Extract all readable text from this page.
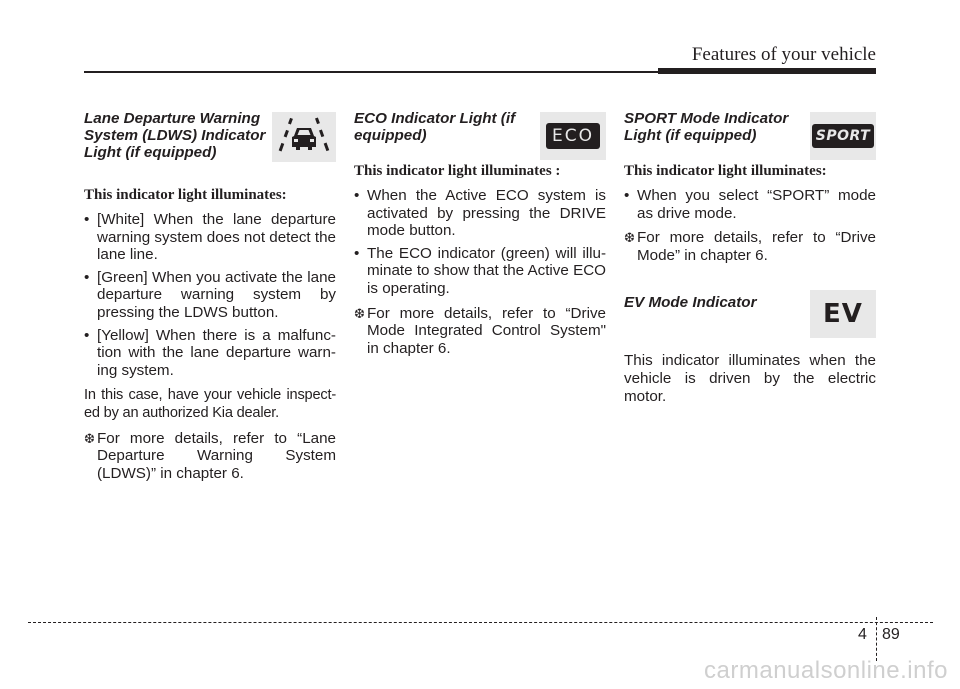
Features of your vehicle
Lane Departure Warning System (LDWS) Indicator Light (if equipped)
This indicator light illuminates:
• [White] When the lane departure warning system does not detect the lane line.
• [Green] When you activate the lane departure warning system by pressing the LDWS button.
• [Yellow] When there is a malfunc-tion with the lane departure warn-ing system.
In this case, have your vehicle inspect-ed by an authorized Kia dealer.
❆ For more details, refer to “Lane Departure Warning System (LDWS)” in chapter 6.
ECO Indicator Light (if equipped)	ECO
This indicator light illuminates :
• When the Active ECO system is activated by pressing the DRIVE mode button.
• The ECO indicator (green) will illu-minate to show that the Active ECO is operating.
❆ For more details, refer to “Drive Mode Integrated Control System" in chapter 6.
SPORT Mode Indicator Light (if equipped)	SPORT
This indicator light illuminates:
• When you select “SPORT” mode as drive mode.
❆ For more details, refer to “Drive Mode” in chapter 6.
EV Mode Indicator	EV
This indicator illuminates when the vehicle is driven by the electric motor.
4 89
carmanualsonline.info
